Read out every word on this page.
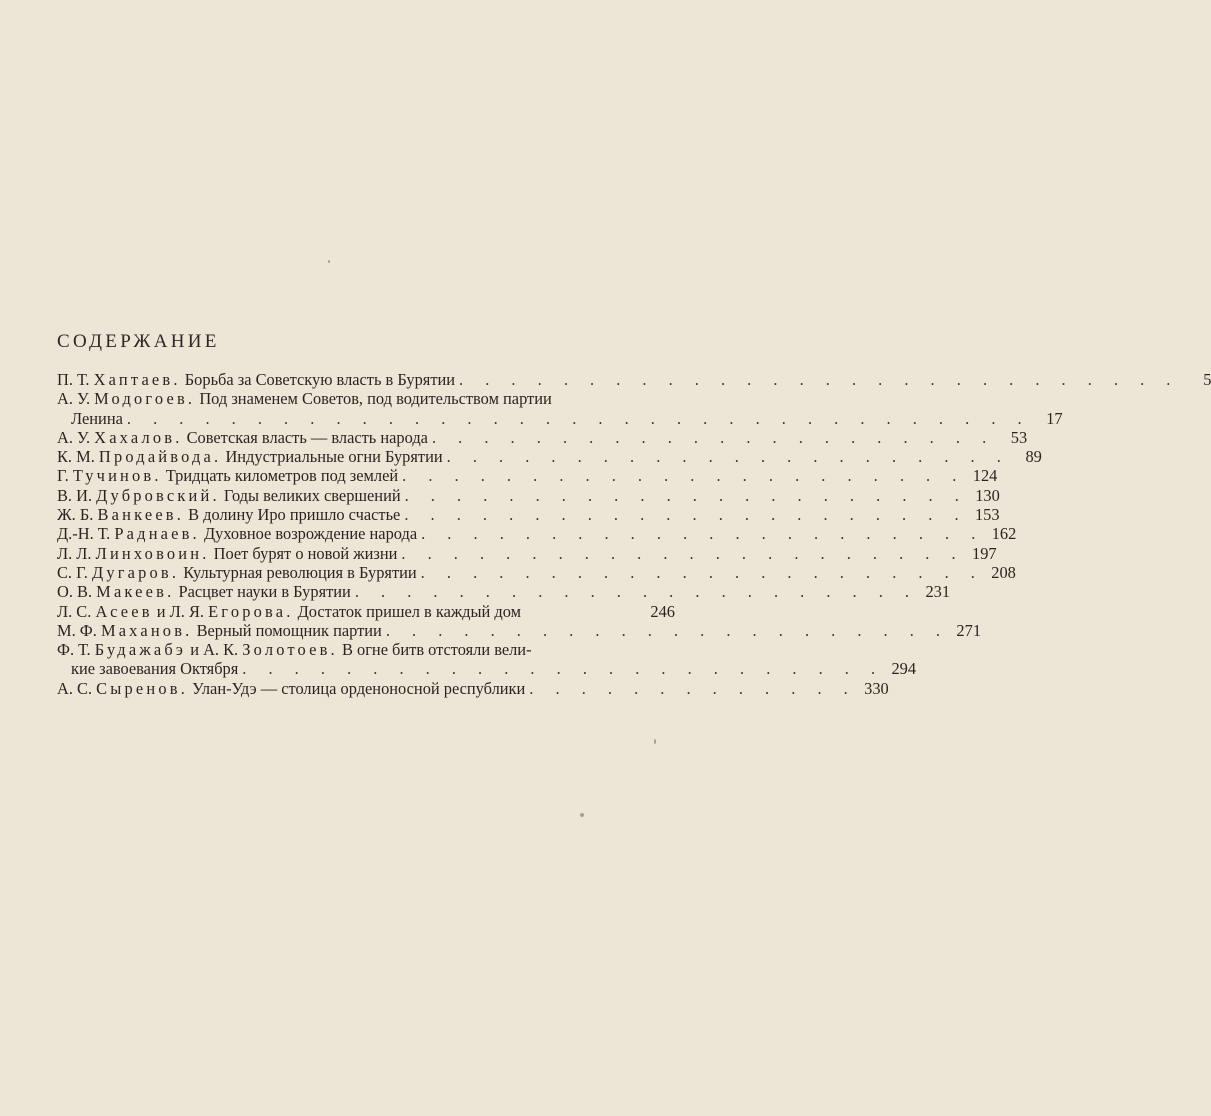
СОДЕРЖАНИЕ
П. Т. Хаптаев. Борьба за Советскую власть в Бурятии . . . . . . . . . . . . . . . . . . . . . . . . . . . .	5
А. У. Модогоев. Под знаменем Советов, под водительством партии
Ленина . . . . . . . . . . . . . . . . . . . . . . . . . . . . . . . . . . . 17
А. У. Хахалов. Советская власть — власть народа . . . . . . . . . . . . . . . . . . . . . . 53
К. М. Продайвода. Индустриальные огни Бурятии . . . . . . . . . . . . . . . . . . . . . . 89
Г. Тучинов. Тридцать километров под землей . . . . . . . . . . . . . . . . . . . . . . 124
В. И. Дубровский. Годы великих свершений . . . . . . . . . . . . . . . . . . . . . . 130
Ж. Б. Ванкеев. В долину Иро пришло счастье . . . . . . . . . . . . . . . . . . . . . . 153
Д.-Н. Т. Раднаев. Духовное возрождение народа . . . . . . . . . . . . . . . . . . . . . . 162
Л. Л. Линховоин. Поет бурят о новой жизни . . . . . . . . . . . . . . . . . . . . . . 197
С. Г. Дугаров. Культурная революция в Бурятии . . . . . . . . . . . . . . . . . . . . . . 208
О. В. Макеев. Расцвет науки в Бурятии . . . . . . . . . . . . . . . . . . . . . . 231
Л. С. Асеев и Л. Я. Егорова. Достаток пришел в каждый дом	246
М. Ф. Маханов. Верный помощник партии . . . . . . . . . . . . . . . . . . . . . . 271
Ф. Т. Будажабэ и А. К. Золотоев. В огне битв отстояли вели-
кие завоевания Октября . . . . . . . . . . . . . . . . . . . . . . . . . 294
А. С. Сыренов. Улан-Удэ — столица орденоносной республики . . . . . . . . . . . . . 330
